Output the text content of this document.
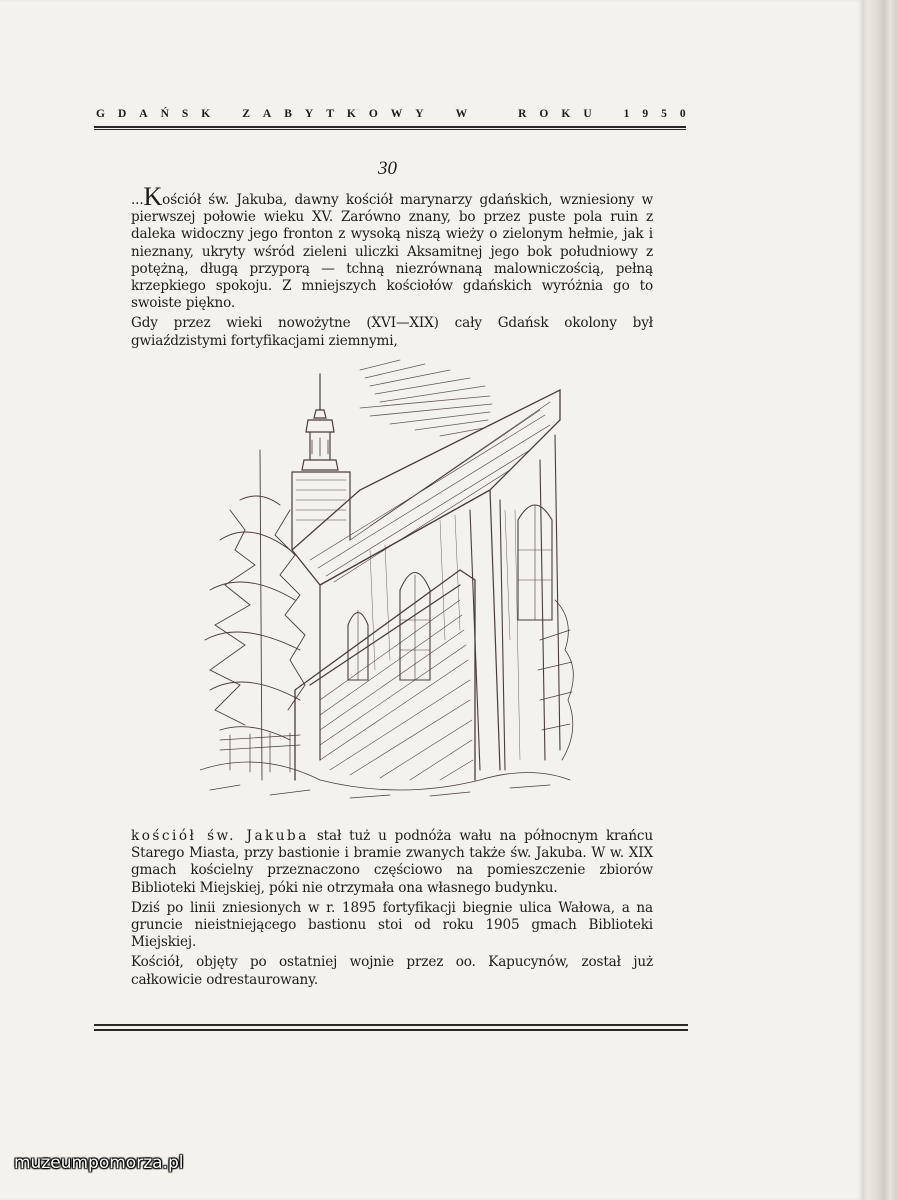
G D A Ń S K	Z A B Y T K O W Y	W	R O K U	1 9 5 0
30

...Kościół św. Jakuba, dawny kościół marynarzy gdańskich, wzniesiony w pierwszej połowie wieku XV. Zarówno znany, bo przez puste pola ruin z daleka widoczny jego fronton z wysoką niszą wieży o zielonym hełmie, jak i nieznany, ukryty wśród zieleni uliczki Aksamitnej jego bok południowy z potężną, długą przyporą — tchną niezrównaną malowniczością, pełną krzepkiego spokoju. Z mniejszych kościołów gdańskich wyróżnia go to swoiste piękno.

Gdy przez wieki nowożytne (XVI—XIX) cały Gdańsk okolony był gwiaździstymi fortyfikacjami ziemnymi,

kościół św. Jakuba stał tuż u podnóża wału na północnym krańcu Starego Miasta, przy bastionie i bramie zwanych także św. Jakuba. W w. XIX gmach kościelny przeznaczono częściowo na pomieszczenie zbiorów Biblioteki Miejskiej, póki nie otrzymała ona własnego budynku.

Dziś po linii zniesionych w r. 1895 fortyfikacji biegnie ulica Wałowa, a na gruncie nieistniejącego bastionu stoi od roku 1905 gmach Biblioteki Miejskiej.

Kościół, objęty po ostatniej wojnie przez oo. Kapucynów, został już całkowicie odrestaurowany.

muzeumpomorza.pl
